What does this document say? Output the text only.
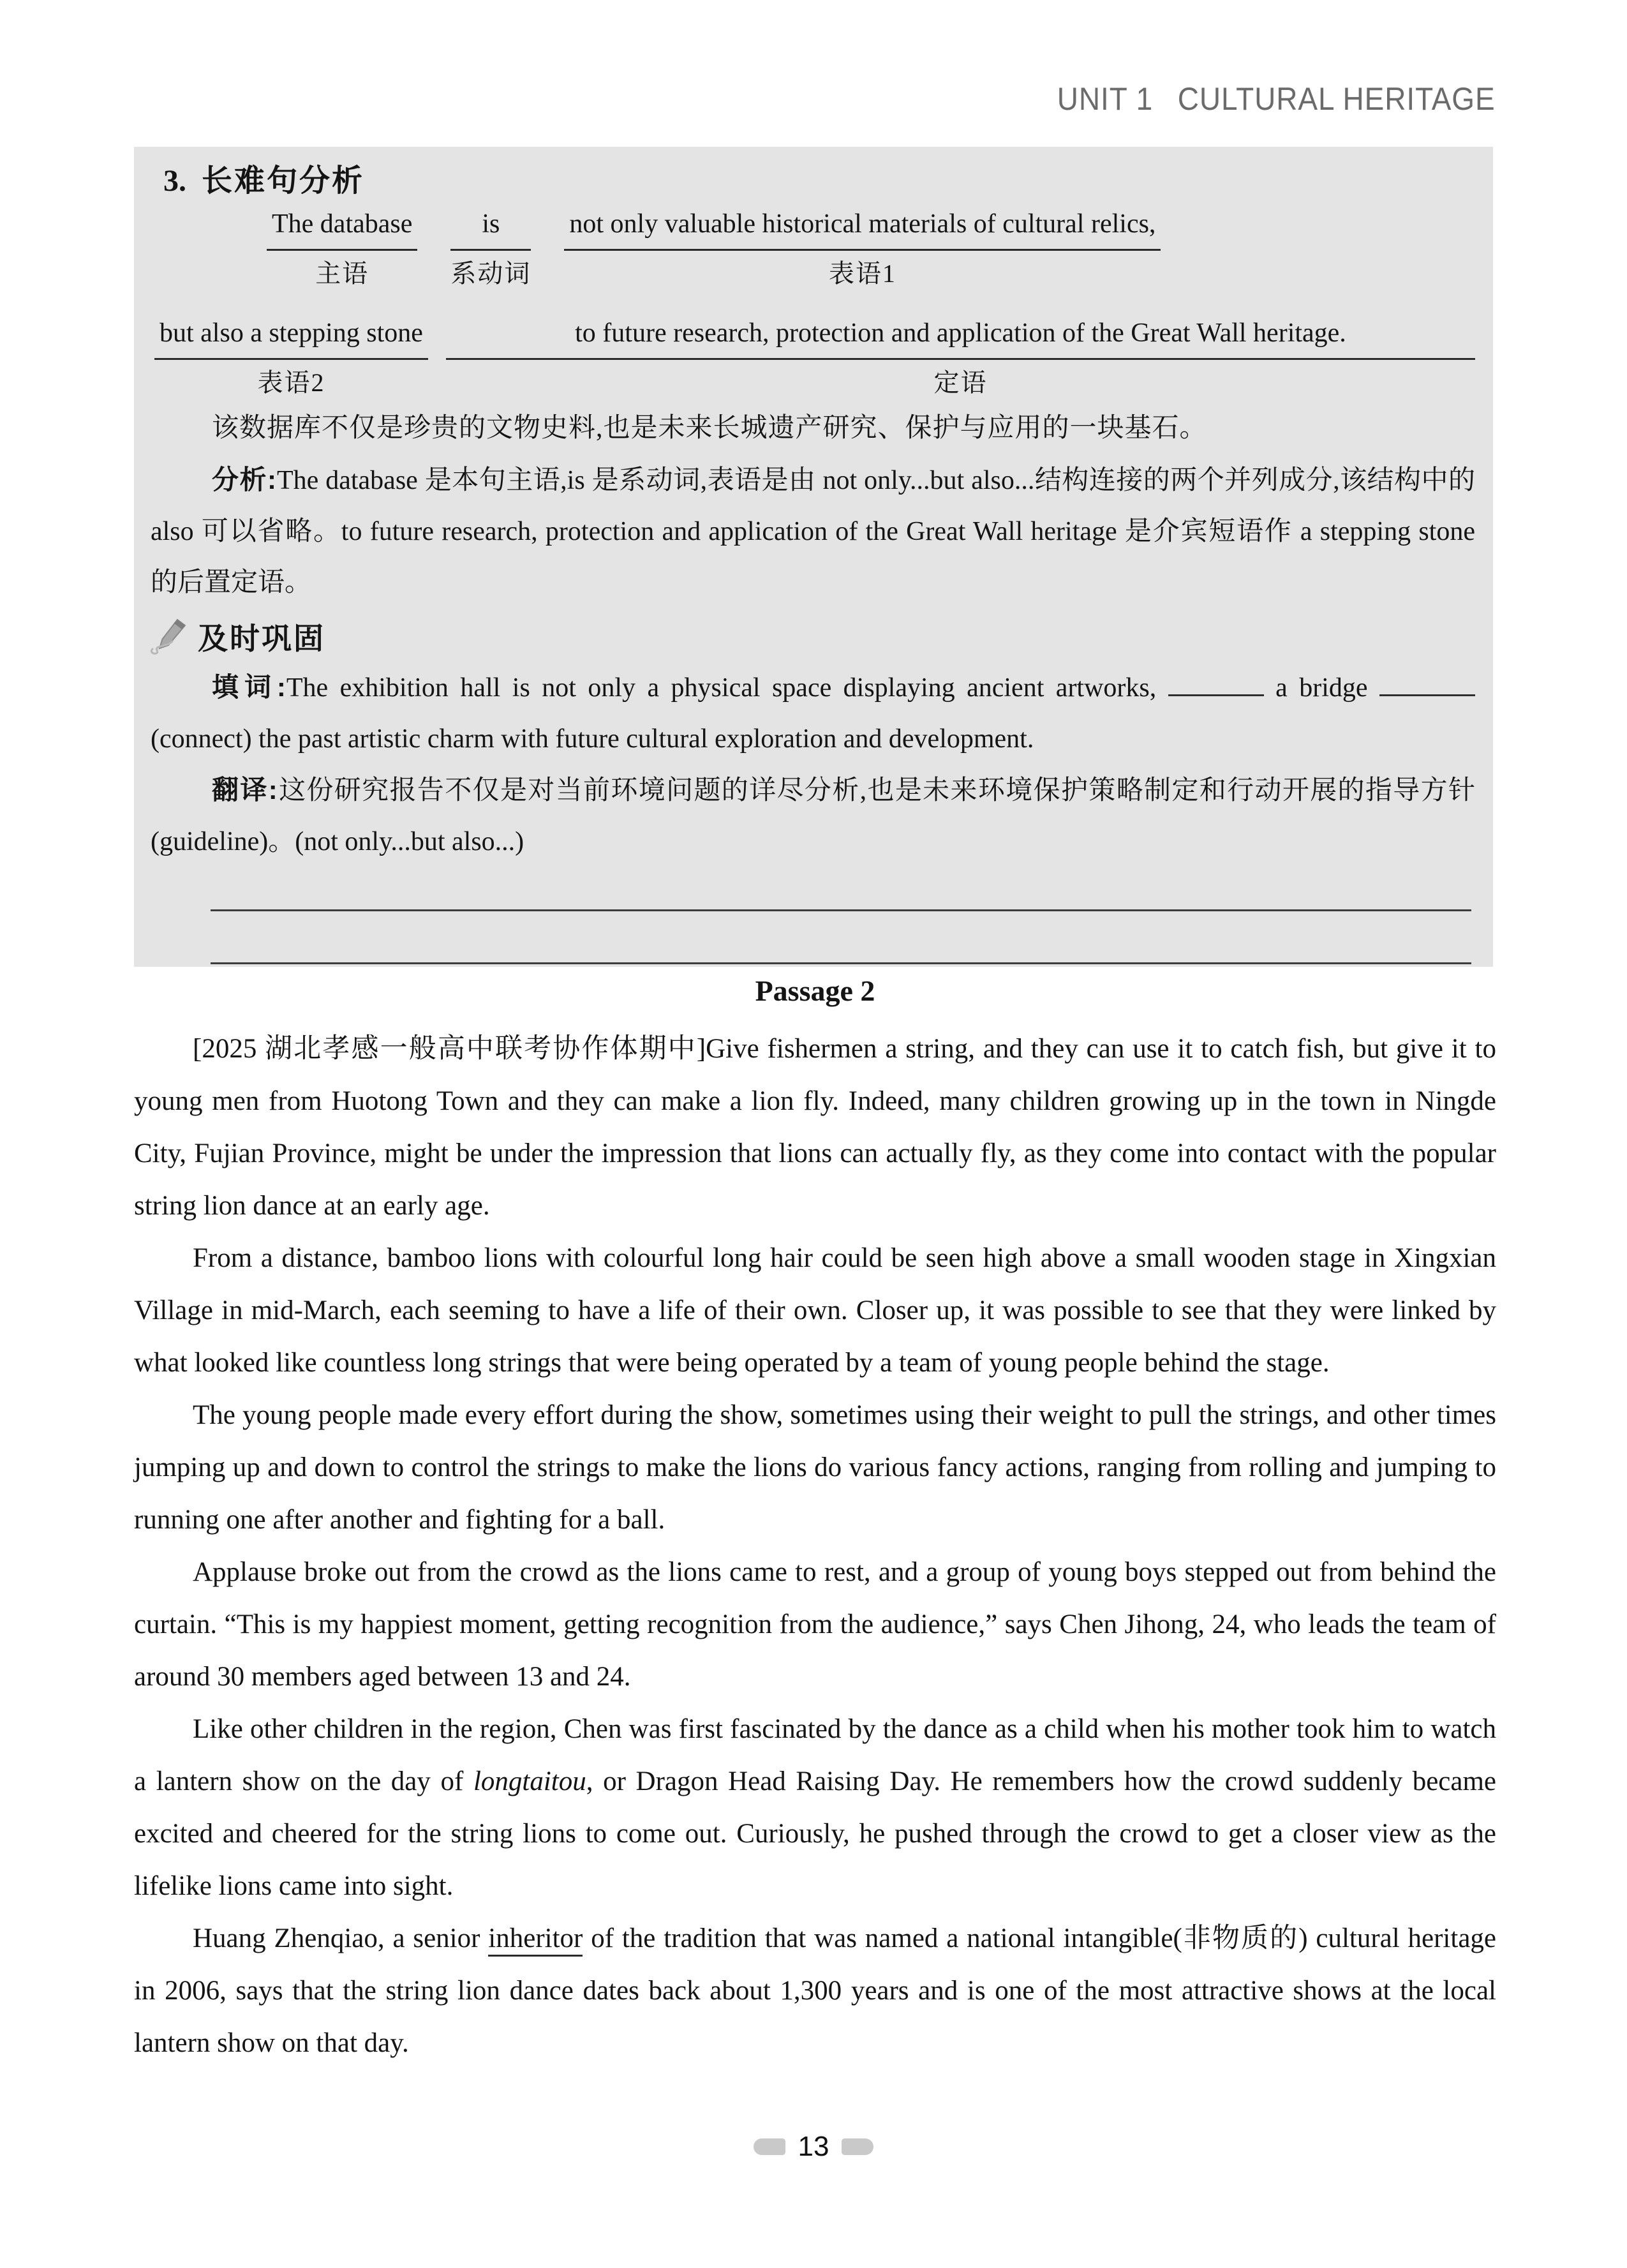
UNIT 1 CULTURAL HERITAGE
3. 长难句分析
The database
主语
is
系动词
not only valuable historical materials of cultural relics,
表语1
but also a stepping stone
表语2
to future research, protection and application of the Great Wall heritage.
定语
该数据库不仅是珍贵的文物史料,也是未来长城遗产研究、保护与应用的一块基石。

分析:The database 是本句主语,is 是系动词,表语是由 not only...but also...结构连接的两个并列成分,该结构中的 also 可以省略。to future research, protection and application of the Great Wall heritage 是介宾短语作 a stepping stone 的后置定语。

及时巩固

填词:The exhibition hall is not only a physical space displaying ancient artworks,	a bridge  (connect) the past artistic charm with future cultural exploration and development.

翻译:这份研究报告不仅是对当前环境问题的详尽分析,也是未来环境保护策略制定和行动开展的指导方针(guideline)。(not only...but also...)

Passage 2

[2025 湖北孝感一般高中联考协作体期中]Give fishermen a string, and they can use it to catch fish, but give it to young men from Huotong Town and they can make a lion fly. Indeed, many children growing up in the town in Ningde City, Fujian Province, might be under the impression that lions can actually fly, as they come into contact with the popular string lion dance at an early age.

From a distance, bamboo lions with colourful long hair could be seen high above a small wooden stage in Xingxian Village in mid-March, each seeming to have a life of their own. Closer up, it was possible to see that they were linked by what looked like countless long strings that were being operated by a team of young people behind the stage.

The young people made every effort during the show, sometimes using their weight to pull the strings, and other times jumping up and down to control the strings to make the lions do various fancy actions, ranging from rolling and jumping to running one after another and fighting for a ball.

Applause broke out from the crowd as the lions came to rest, and a group of young boys stepped out from behind the curtain. “This is my happiest moment, getting recognition from the audience,” says Chen Jihong, 24, who leads the team of around 30 members aged between 13 and 24.

Like other children in the region, Chen was first fascinated by the dance as a child when his mother took him to watch a lantern show on the day of longtaitou, or Dragon Head Raising Day. He remembers how the crowd suddenly became excited and cheered for the string lions to come out. Curiously, he pushed through the crowd to get a closer view as the lifelike lions came into sight.

Huang Zhenqiao, a senior inheritor of the tradition that was named a national intangible(非物质的) cultural heritage in 2006, says that the string lion dance dates back about 1,300 years and is one of the most attractive shows at the local lantern show on that day.

13
